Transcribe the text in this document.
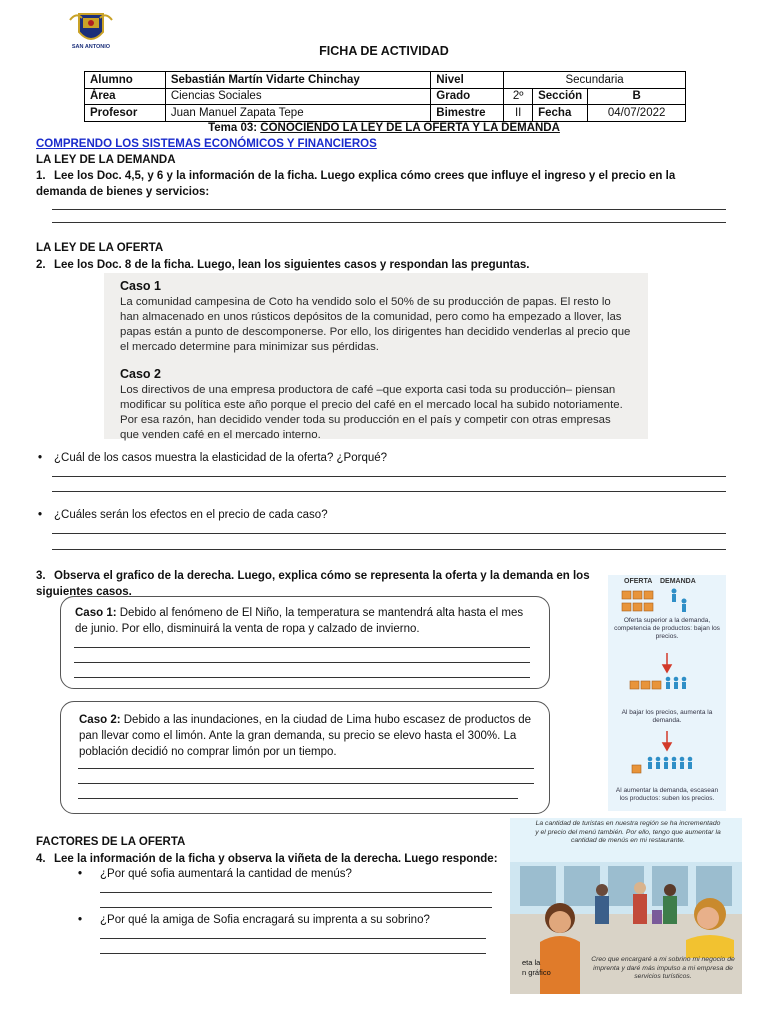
SAN ANTONIO	FICHA DE ACTIVIDAD
Alumno	Sebastián Martín Vidarte Chinchay	Nivel	Secundaria		
Área	Ciencias Sociales	Grado	2º	Sección	B
Profesor	Juan Manuel Zapata Tepe	Bimestre	II	Fecha	04/07/2022
Tema 03: CONOCIENDO LA LEY DE LA OFERTA Y LA DEMANDA
COMPRENDO LOS SISTEMAS ECONÓMICOS Y FINANCIEROS
LA LEY DE LA DEMANDA
1. Lee los Doc. 4,5, y 6 y la información de la ficha. Luego explica cómo crees que influye el ingreso y el precio en la demanda de bienes y servicios:
LA LEY DE LA OFERTA
2. Lee los Doc. 8 de la ficha. Luego, lean los siguientes casos y respondan las preguntas.
Caso 1

La comunidad campesina de Coto ha vendido solo el 50% de su producción de papas. El resto lo han almacenado en unos rústicos depósitos de la comunidad, pero como ha empezado a llover, las papas están a punto de descomponerse. Por ello, los dirigentes han decidido venderlas al precio que el mercado determine para minimizar sus pérdidas.

Caso 2

Los directivos de una empresa productora de café –que exporta casi toda su producción– piensan modificar su política este año porque el precio del café en el mercado local ha subido notoriamente. Por esa razón, han decidido vender toda su producción en el país y competir con otras empresas que venden café en el mercado interno.

• ¿Cuál de los casos muestra la elasticidad de la oferta? ¿Porqué?
• ¿Cuáles serán los efectos en el precio de cada caso?
3. Observa el grafico de la derecha. Luego, explica cómo se representa la oferta y la demanda en los siguientes casos.
Caso 1: Debido al fenómeno de El Niño, la temperatura se mantendrá alta hasta el mes de junio. Por ello, disminuirá la venta de ropa y calzado de invierno.
Caso 2: Debido a las inundaciones, en la ciudad de Lima hubo escasez de productos de pan llevar como el limón. Ante la gran demanda, su precio se elevo hasta el 300%. La población decidió no comprar limón por un tiempo.
OFERTA DEMANDA
Oferta superior a la demanda, competencia de productos: bajan los precios.
Al bajar los precios, aumenta la demanda.
Al aumentar la demanda, escasean los productos: suben los precios.
FACTORES DE LA OFERTA
4. Lee la información de la ficha y observa la viñeta de la derecha. Luego responde:
• ¿Por qué sofia aumentará la cantidad de menús?
• ¿Por qué la amiga de Sofia encragará su imprenta a su sobrino?
La cantidad de turistas en nuestra región se ha incrementado y el precio del menú también. Por ello, tengo que aumentar la cantidad de menús en mi restaurante.
Creo que encargaré a mi sobrino mi negocio de imprenta y daré más impulso a mi empresa de servicios turísticos.
eta la
n gráfico
